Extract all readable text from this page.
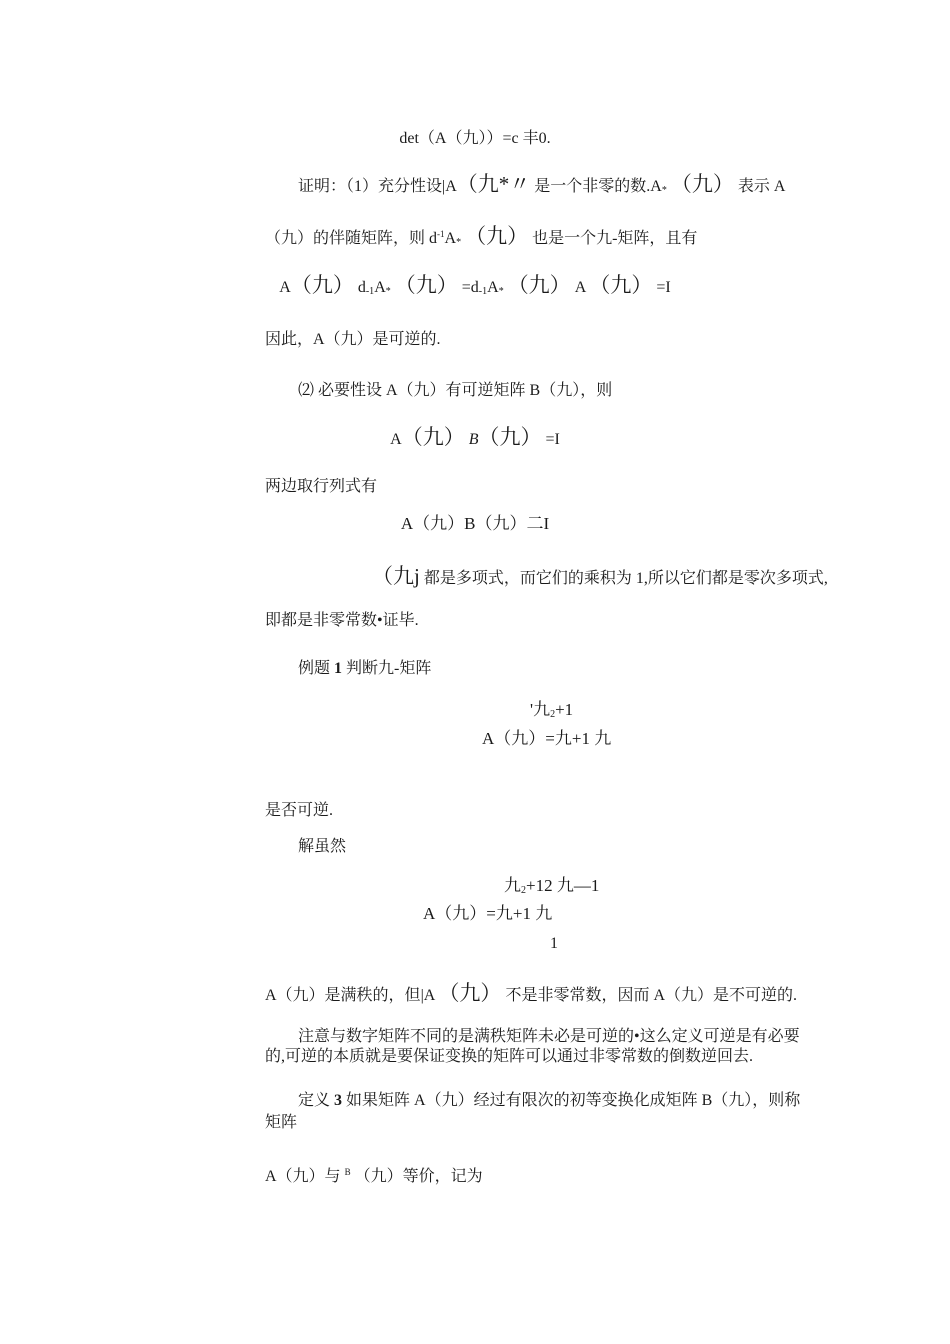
det（A（九））=c 丰0.
证明：（1）充分性设|A（九*〃 是一个非零的数.A* （九） 表示 A
（九）的伴随矩阵，则 $d^{-1}A*$ （九） 也是一个九-矩阵，且有
A（九） d-1A* （九） =d-1A* （九） A （九） =I
因此，A（九）是可逆的.
⑵ 必要性设 A（九）有可逆矩阵 B（九），则
A（九） B（九） =I
两边取行列式有
A（九）B（九）二I
（九j 都是多项式，而它们的乘积为 1,所以它们都是零次多项式,
即都是非零常数•证毕.
例题 1 判断九-矩阵
'九2+1
A（九）=九+1 九
是否可逆.
解虽然
九2+12 九—1
A（九）=九+1 九
1
A（九）是满秩的，但|A （九） 不是非零常数，因而 A（九）是不可逆的.
注意与数字矩阵不同的是满秩矩阵未必是可逆的•这么定义可逆是有必要
的,可逆的本质就是要保证变换的矩阵可以通过非零常数的倒数逆回去.
定义 3 如果矩阵 A（九）经过有限次的初等变换化成矩阵 B（九），则称
矩阵
A（九）与 $^B$ （九）等价，记为
